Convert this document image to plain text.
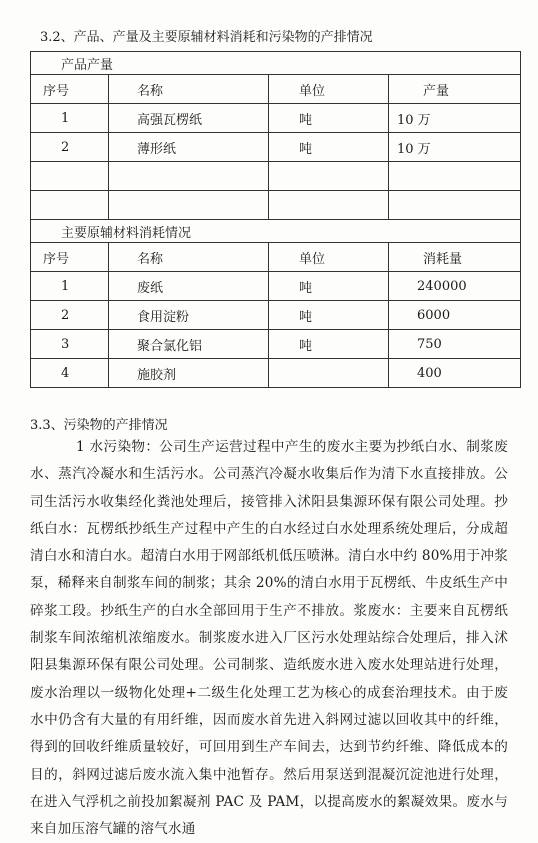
3.2、产品、产量及主要原辅材料消耗和污染物的产排情况
产品产量			
序号	名称	单位	产量
1	高强瓦楞纸	吨	10 万
2	薄形纸	吨	10 万

主要原辅材料消耗情况			
序号	名称	单位	消耗量
1	废纸	吨	240000
2	食用淀粉	吨	6000
3	聚合氯化铝	吨	750
4	施胶剂		400
3.3、污染物的产排情况
1 水污染物：公司生产运营过程中产生的废水主要为抄纸白水、制浆废水、蒸汽冷凝水和生活污水。公司蒸汽冷凝水收集后作为清下水直接排放。公司生活污水收集经化粪池处理后，接管排入沭阳县集源环保有限公司处理。抄纸白水：瓦楞纸抄纸生产过程中产生的白水经过白水处理系统处理后，分成超清白水和清白水。超清白水用于网部纸机低压喷淋。清白水中约 80%用于冲浆泵，稀释来自制浆车间的制浆；其余 20%的清白水用于瓦楞纸、牛皮纸生产中碎浆工段。抄纸生产的白水全部回用于生产不排放。浆废水：主要来自瓦楞纸制浆车间浓缩机浓缩废水。制浆废水进入厂区污水处理站综合处理后，排入沭阳县集源环保有限公司处理。公司制浆、造纸废水进入废水处理站进行处理，废水治理以一级物化处理+二级生化处理工艺为核心的成套治理技术。由于废水中仍含有大量的有用纤维，因而废水首先进入斜网过滤以回收其中的纤维，得到的回收纤维质量较好，可回用到生产车间去，达到节约纤维、降低成本的目的，斜网过滤后废水流入集中池暂存。然后用泵送到混凝沉淀池进行处理，在进入气浮机之前投加絮凝剂 PAC 及 PAM，以提高废水的絮凝效果。废水与来自加压溶气罐的溶气水通
